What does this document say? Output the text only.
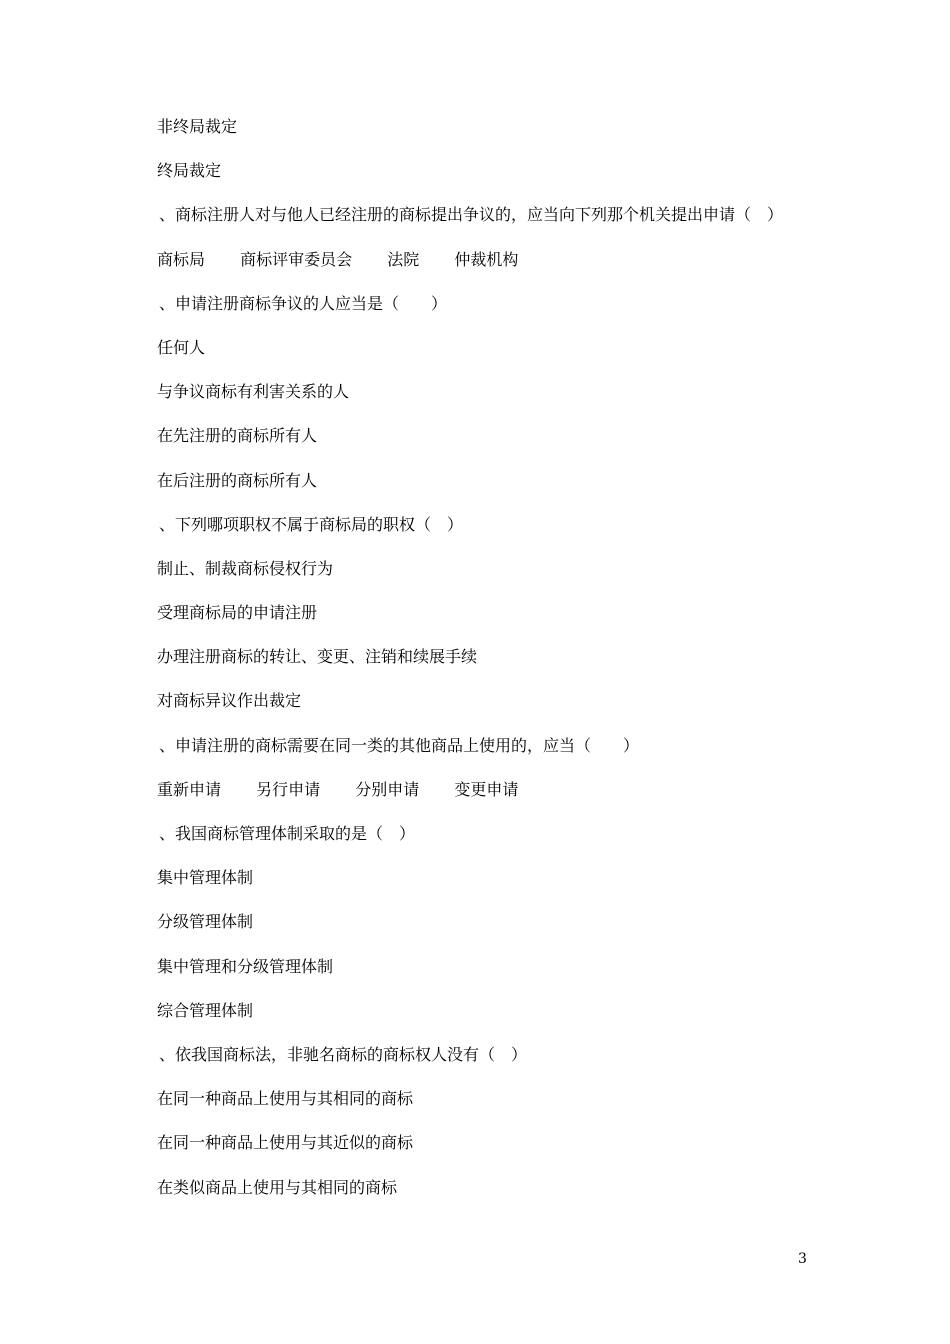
非终局裁定
终局裁定
、商标注册人对与他人已经注册的商标提出争议的，应当向下列那个机关提出申请（　）
商标局 商标评审委员会 法院 仲裁机构
、申请注册商标争议的人应当是（　　）
任何人
与争议商标有利害关系的人
在先注册的商标所有人
在后注册的商标所有人
、下列哪项职权不属于商标局的职权（　）
制止、制裁商标侵权行为
受理商标局的申请注册
办理注册商标的转让、变更、注销和续展手续
对商标异议作出裁定
、申请注册的商标需要在同一类的其他商品上使用的，应当（　　）
重新申请 另行申请 分别申请 变更申请
、我国商标管理体制采取的是（　）
集中管理体制
分级管理体制
集中管理和分级管理体制
综合管理体制
、依我国商标法，非驰名商标的商标权人没有（　）
在同一种商品上使用与其相同的商标
在同一种商品上使用与其近似的商标
在类似商品上使用与其相同的商标
3
